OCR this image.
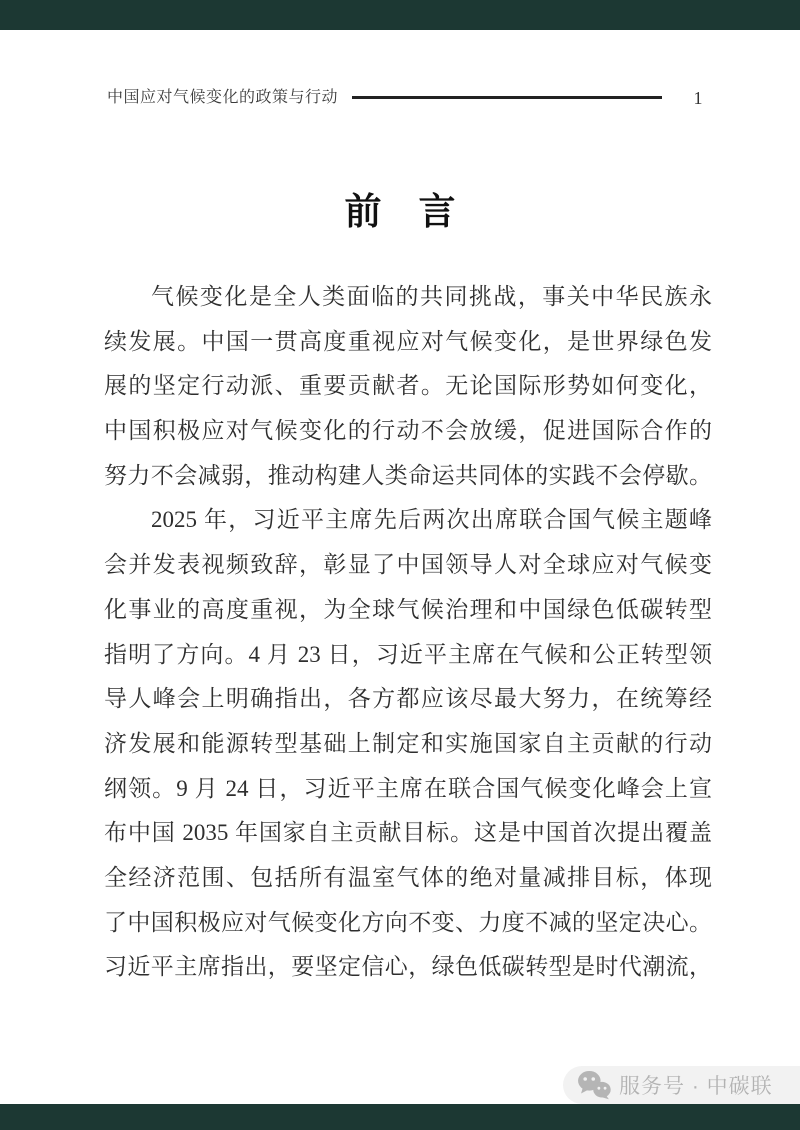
中国应对气候变化的政策与行动	1
前　言
气候变化是全人类面临的共同挑战，事关中华民族永
续发展。中国一贯高度重视应对气候变化，是世界绿色发
展的坚定行动派、重要贡献者。无论国际形势如何变化，
中国积极应对气候变化的行动不会放缓，促进国际合作的
努力不会减弱，推动构建人类命运共同体的实践不会停歇。
2025 年，习近平主席先后两次出席联合国气候主题峰
会并发表视频致辞，彰显了中国领导人对全球应对气候变
化事业的高度重视，为全球气候治理和中国绿色低碳转型
指明了方向。4 月 23 日，习近平主席在气候和公正转型领
导人峰会上明确指出，各方都应该尽最大努力，在统筹经
济发展和能源转型基础上制定和实施国家自主贡献的行动
纲领。9 月 24 日，习近平主席在联合国气候变化峰会上宣
布中国 2035 年国家自主贡献目标。这是中国首次提出覆盖
全经济范围、包括所有温室气体的绝对量减排目标，体现
了中国积极应对气候变化方向不变、力度不减的坚定决心。
习近平主席指出，要坚定信心，绿色低碳转型是时代潮流，
服务号 · 中碳联
